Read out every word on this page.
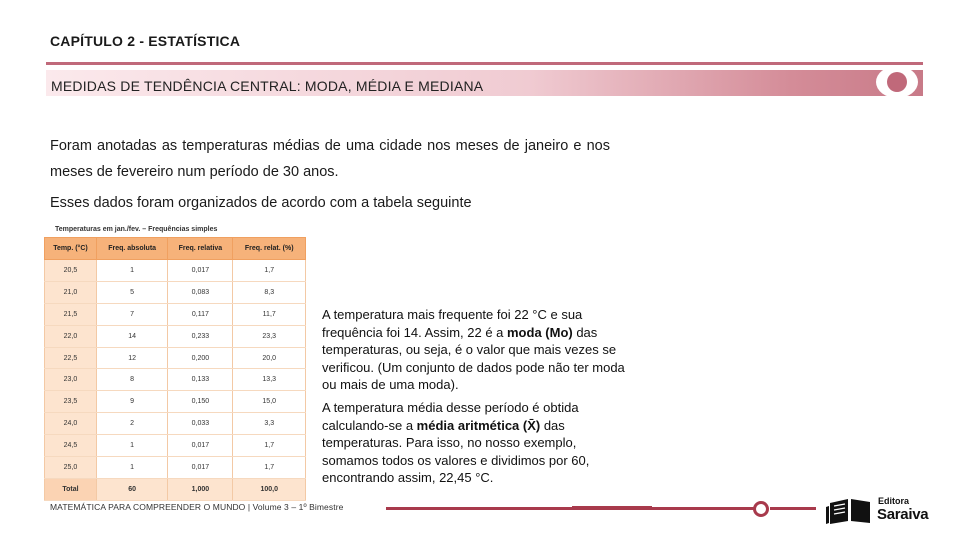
CAPÍTULO 2 - ESTATÍSTICA
MEDIDAS DE TENDÊNCIA CENTRAL: MODA, MÉDIA E MEDIANA
Foram anotadas as temperaturas médias de uma cidade nos meses de janeiro e nos meses de fevereiro num período de 30 anos.
Esses dados foram organizados de acordo com a tabela seguinte
Temperaturas em jan./fev. – Frequências simples
Temp. (°C)	Freq. absoluta	Freq. relativa	Freq. relat. (%)
20,5	1	0,017	1,7
21,0	5	0,083	8,3
21,5	7	0,117	11,7
22,0	14	0,233	23,3
22,5	12	0,200	20,0
23,0	8	0,133	13,3
23,5	9	0,150	15,0
24,0	2	0,033	3,3
24,5	1	0,017	1,7
25,0	1	0,017	1,7
Total	60	1,000	100,0

A temperatura mais frequente foi 22 °C e sua frequência foi 14. Assim, 22 é a moda (Mo) das temperaturas, ou seja, é o valor que mais vezes se verificou. (Um conjunto de dados pode não ter moda ou mais de uma moda).

A temperatura média desse período é obtida calculando-se a média aritmética (X̄) das temperaturas. Para isso, no nosso exemplo, somamos todos os valores e dividimos por 60, encontrando assim, 22,45 °C.

MATEMÁTICA PARA COMPREENDER O MUNDO | Volume 3 – 1º Bimestre
Editora
Saraiva
